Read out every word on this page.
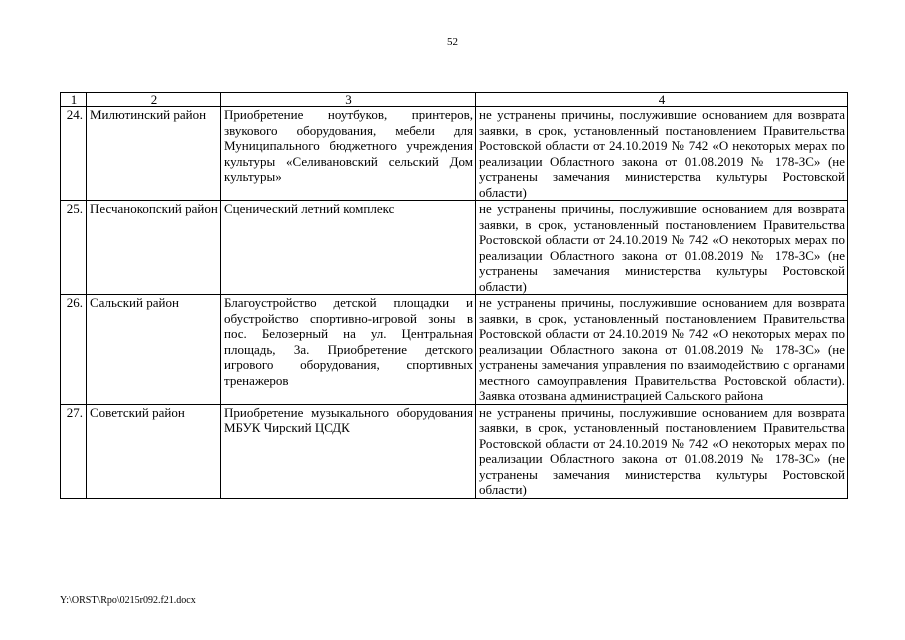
52
1	2	3	4
24.	Милютинский район	Приобретение ноутбуков, принтеров, звукового оборудования, мебели для Муниципального бюджетного учреждения культуры «Селивановский сельский Дом культуры»	не устранены причины, послужившие основанием для возврата заявки, в срок, установленный постановлением Правительства Ростовской области от 24.10.2019 № 742 «О некоторых мерах по реализации Областного закона от 01.08.2019 № 178-ЗС» (не устранены замечания министерства культуры Ростовской области)
25.	Песчанокопский район	Сценический летний комплекс	не устранены причины, послужившие основанием для возврата заявки, в срок, установленный постановлением Правительства Ростовской области от 24.10.2019 № 742 «О некоторых мерах по реализации Областного закона от 01.08.2019 № 178-ЗС» (не устранены замечания министерства культуры Ростовской области)
26.	Сальский район	Благоустройство детской площадки и обустройство спортивно-игровой зоны в пос. Белозерный на ул. Центральная площадь, 3а. Приобретение детского игрового оборудования, спортивных тренажеров	не устранены причины, послужившие основанием для возврата заявки, в срок, установленный постановлением Правительства Ростовской области от 24.10.2019 № 742 «О некоторых мерах по реализации Областного закона от 01.08.2019 № 178-ЗС» (не устранены замечания управления по взаимодействию с органами местного самоуправления Правительства Ростовской области). Заявка отозвана администрацией Сальского района
27.	Советский район	Приобретение музыкального оборудования МБУК Чирский ЦСДК	не устранены причины, послужившие основанием для возврата заявки, в срок, установленный постановлением Правительства Ростовской области от 24.10.2019 № 742 «О некоторых мерах по реализации Областного закона от 01.08.2019 № 178-ЗС» (не устранены замечания министерства культуры Ростовской области)
Y:\ORST\Rpo\0215r092.f21.docx
